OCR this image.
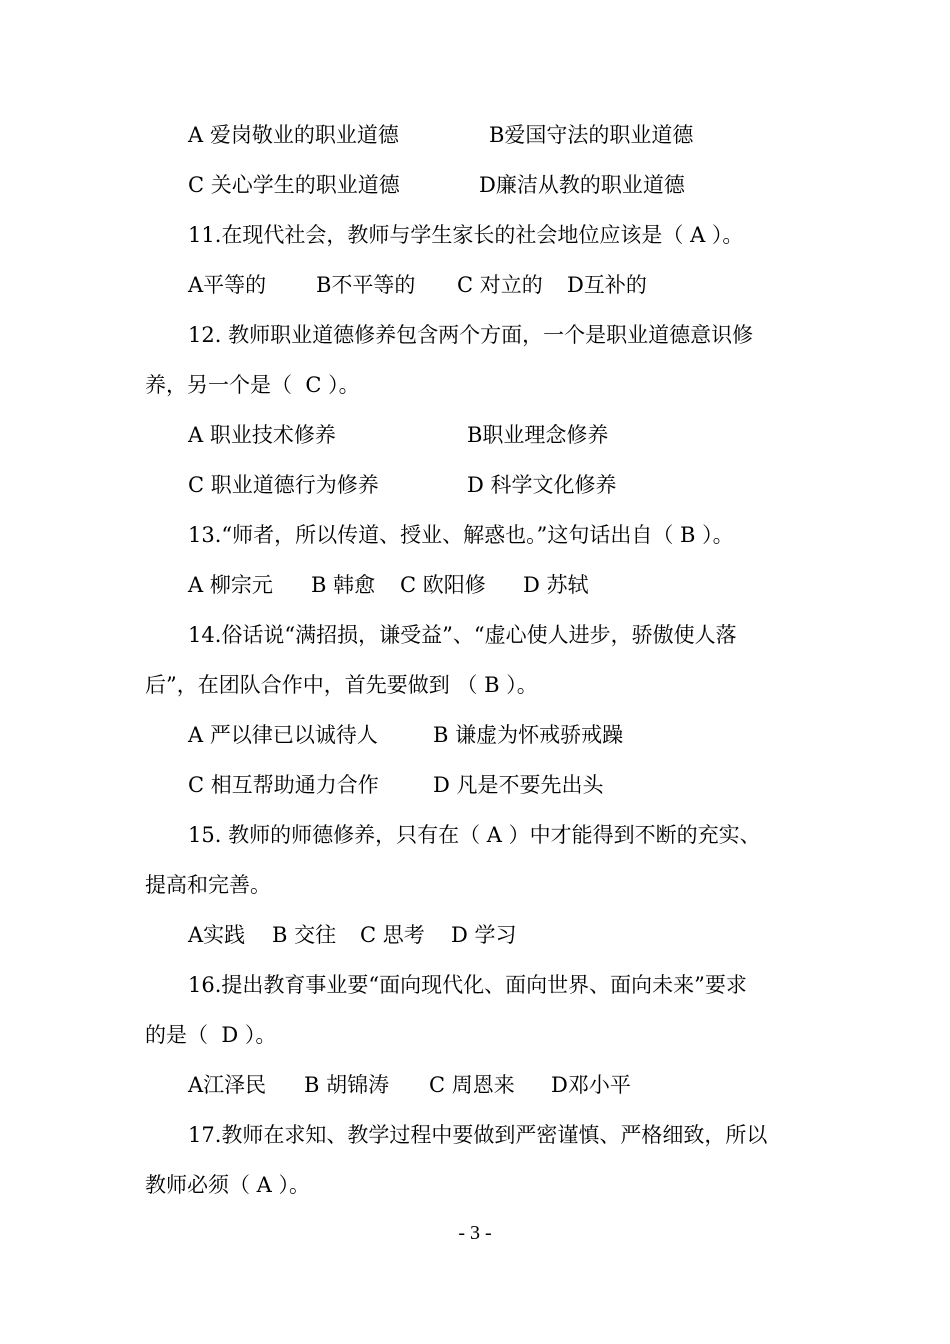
A 爱岗敬业的职业道德	B爱国守法的职业道德
C 关心学生的职业道德	D廉洁从教的职业道德
11.在现代社会，教师与学生家长的社会地位应该是（ A ）。
A平等的 B不平等的 C 对立的 D互补的
12. 教师职业道德修养包含两个方面，一个是职业道德意识修
养，另一个是（  C ）。
A 职业技术修养	B职业理念修养
C 职业道德行为修养	D 科学文化修养
13.“师者，所以传道、授业、解惑也。”这句话出自（ B ）。
A 柳宗元 B 韩愈 C 欧阳修 D 苏轼
14.俗话说“满招损，谦受益”、“虚心使人进步，骄傲使人落
后”，在团队合作中，首先要做到 （ B ）。
A 严以律已以诚待人	B 谦虚为怀戒骄戒躁
C 相互帮助通力合作	D 凡是不要先出头
15. 教师的师德修养，只有在（ A ）中才能得到不断的充实、
提高和完善。
A实践 B 交往 C 思考 D 学习
16.提出教育事业要“面向现代化、面向世界、面向未来”要求
的是（  D ）。
A江泽民 B 胡锦涛 C 周恩来 D邓小平
17.教师在求知、教学过程中要做到严密谨慎、严格细致，所以
教师必须（ A ）。
- 3 -
